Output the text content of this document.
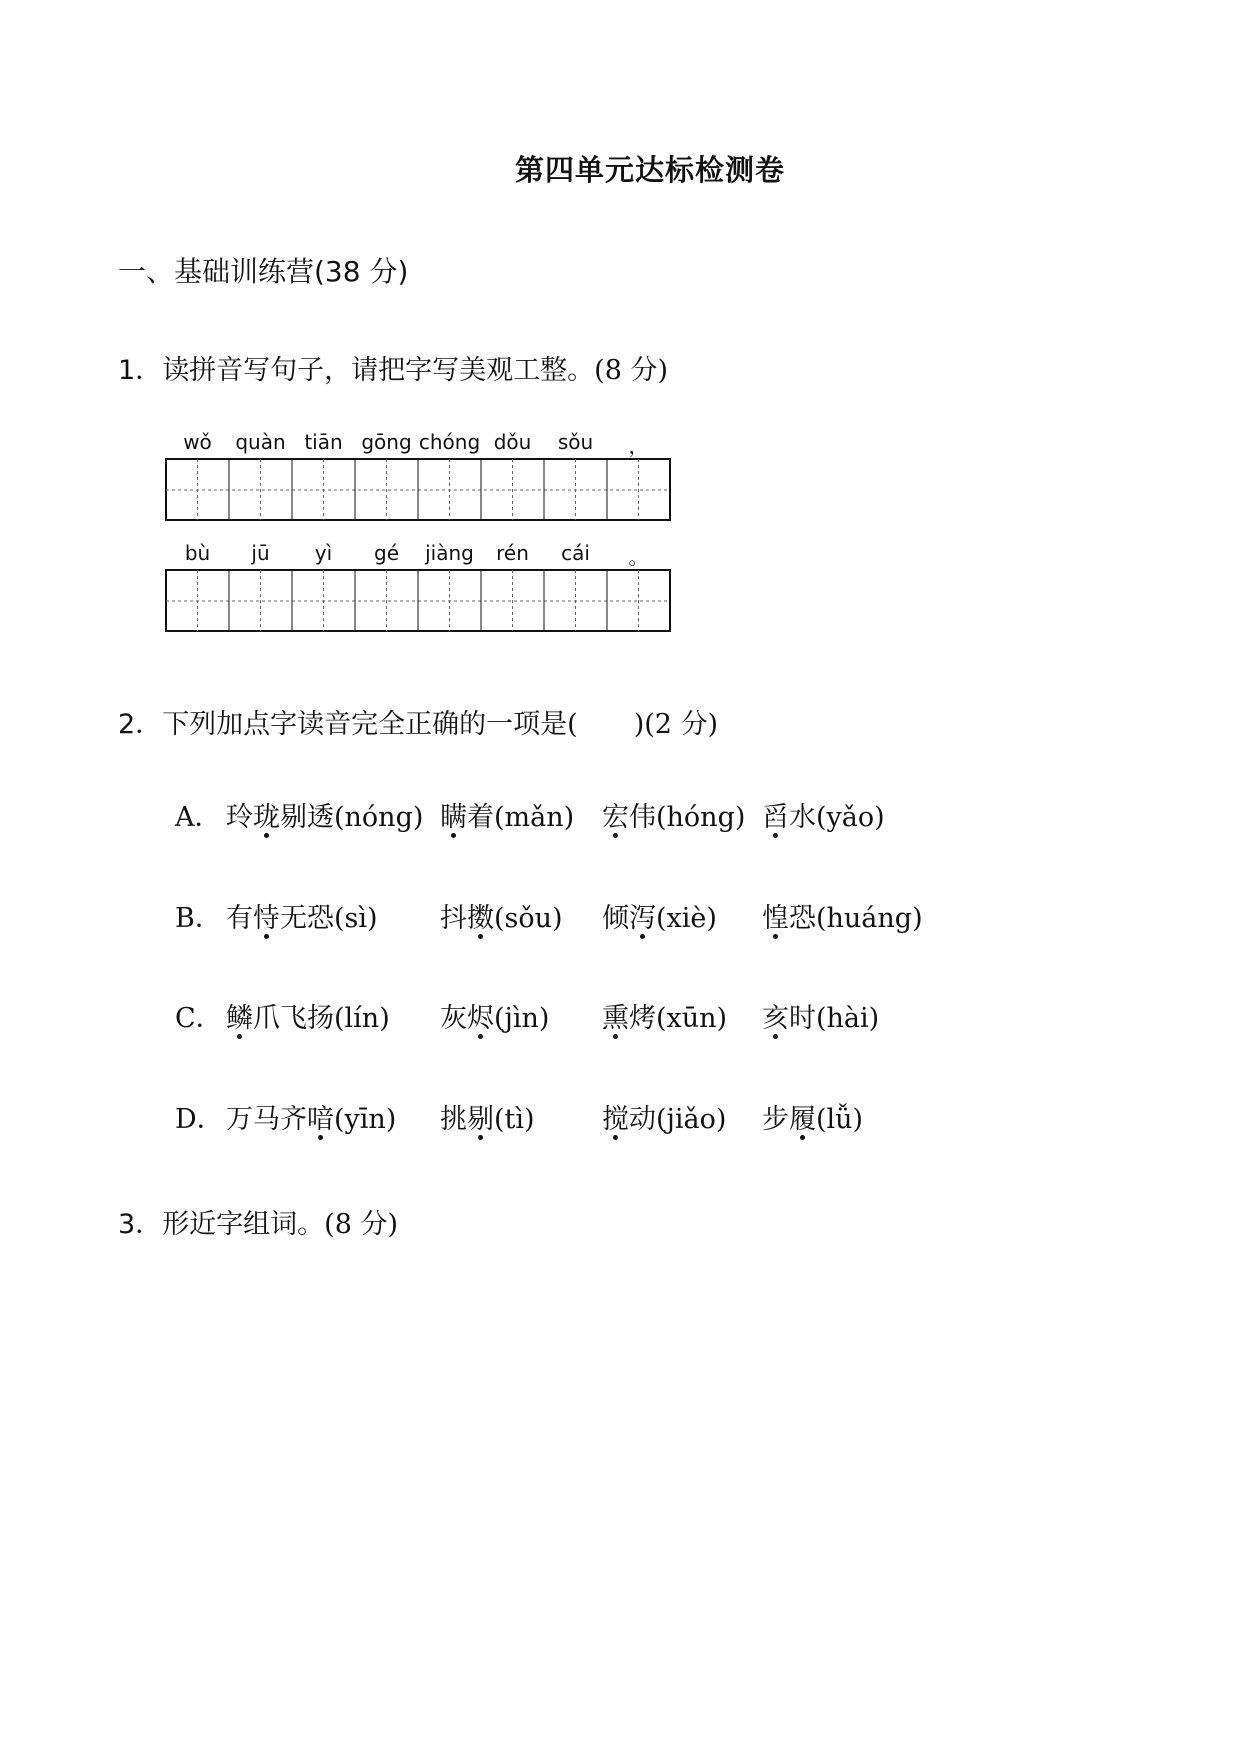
第四单元达标检测卷
一、基础训练营(38 分)
1．读拼音写句子，请把字写美观工整。(8 分)
wǒ quàn tiān gōng chóng dǒu sǒu ，
bù jū yì gé jiàng rén cái 。
2．下列加点字读音完全正确的一项是( )(2 分)
A． 玲珑剔透(nóng) 瞒着(mǎn) 宏伟(hóng) 舀水(yǎo)
B． 有恃无恐(sì) 抖擞(sǒu) 倾泻(xiè) 惶恐(huáng)
C． 鳞爪飞扬(lín) 灰烬(jìn) 熏烤(xūn) 亥时(hài)
D． 万马齐喑(yīn) 挑剔(tì) 搅动(jiǎo) 步履(lǚ)
3．形近字组词。(8 分)
